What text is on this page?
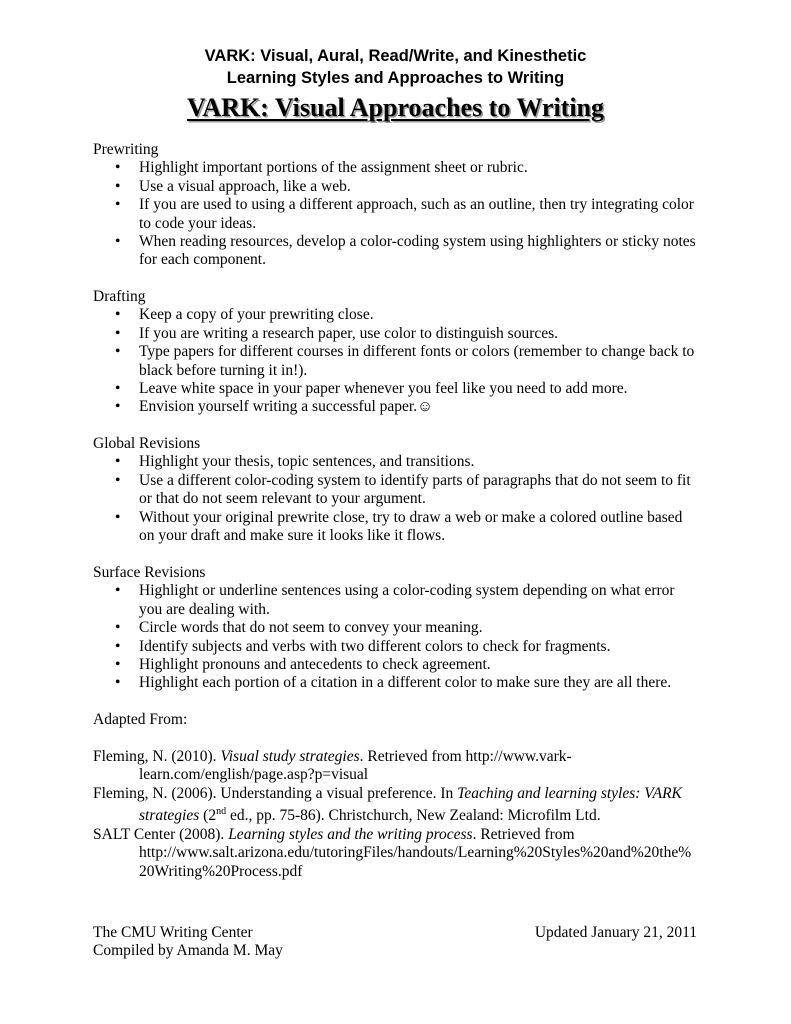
VARK: Visual, Aural, Read/Write, and Kinesthetic
Learning Styles and Approaches to Writing
VARK: Visual Approaches to Writing
Prewriting
• Highlight important portions of the assignment sheet or rubric.
• Use a visual approach, like a web.
• If you are used to using a different approach, such as an outline, then try integrating color
to code your ideas.
• When reading resources, develop a color-coding system using highlighters or sticky notes
for each component.
Drafting
• Keep a copy of your prewriting close.
• If you are writing a research paper, use color to distinguish sources.
• Type papers for different courses in different fonts or colors (remember to change back to
black before turning it in!).
• Leave white space in your paper whenever you feel like you need to add more.
• Envision yourself writing a successful paper.☺
Global Revisions
• Highlight your thesis, topic sentences, and transitions.
• Use a different color-coding system to identify parts of paragraphs that do not seem to fit
or that do not seem relevant to your argument.
• Without your original prewrite close, try to draw a web or make a colored outline based
on your draft and make sure it looks like it flows.
Surface Revisions
• Highlight or underline sentences using a color-coding system depending on what error
you are dealing with.
• Circle words that do not seem to convey your meaning.
• Identify subjects and verbs with two different colors to check for fragments.
• Highlight pronouns and antecedents to check agreement.
• Highlight each portion of a citation in a different color to make sure they are all there.
Adapted From:
Fleming, N. (2010). Visual study strategies. Retrieved from http://www.vark-
learn.com/english/page.asp?p=visual
Fleming, N. (2006). Understanding a visual preference. In Teaching and learning styles: VARK
strategies (2nd ed., pp. 75-86). Christchurch, New Zealand: Microfilm Ltd.
SALT Center (2008). Learning styles and the writing process. Retrieved from
http://www.salt.arizona.edu/tutoringFiles/handouts/Learning%20Styles%20and%20the%
20Writing%20Process.pdf
The CMU Writing Center
Compiled by Amanda M. May
Updated January 21, 2011
